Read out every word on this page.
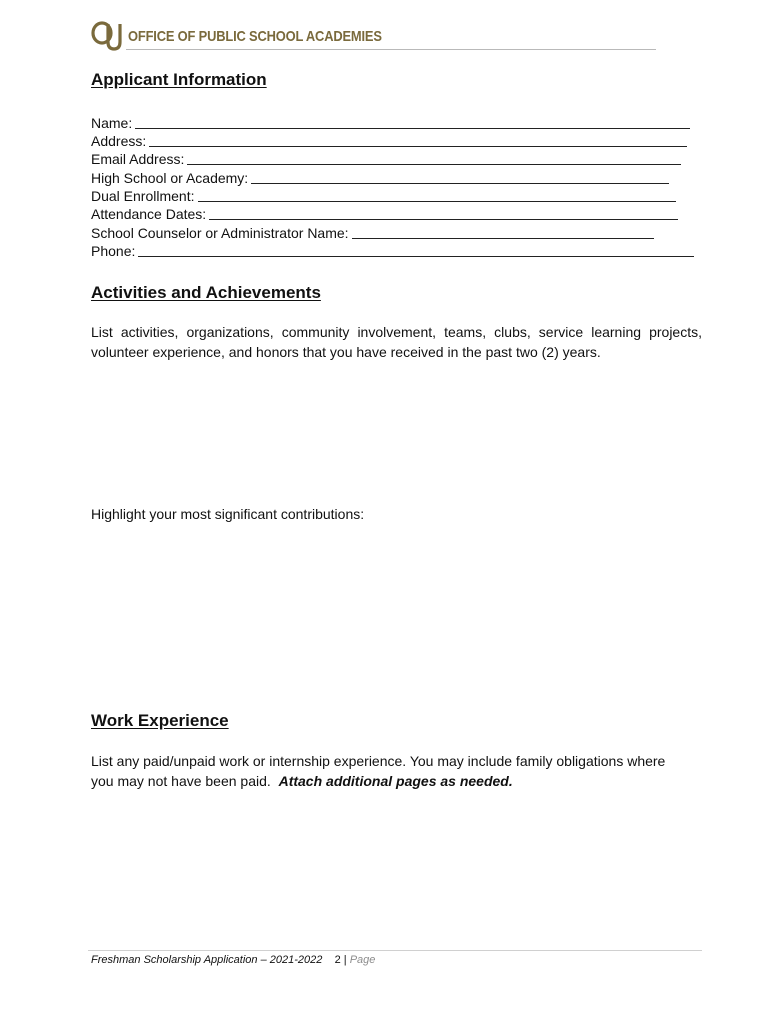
OFFICE OF PUBLIC SCHOOL ACADEMIES
Applicant Information
Name:
Address:
Email Address:
High School or Academy:
Dual Enrollment:
Attendance Dates:
School Counselor or Administrator Name:
Phone:
Activities and Achievements
List activities, organizations, community involvement, teams, clubs, service learning projects, volunteer experience, and honors that you have received in the past two (2) years.
Highlight your most significant contributions:
Work Experience
List any paid/unpaid work or internship experience. You may include family obligations where you may not have been paid. Attach additional pages as needed.
Freshman Scholarship Application – 2021-2022 2 | Page
